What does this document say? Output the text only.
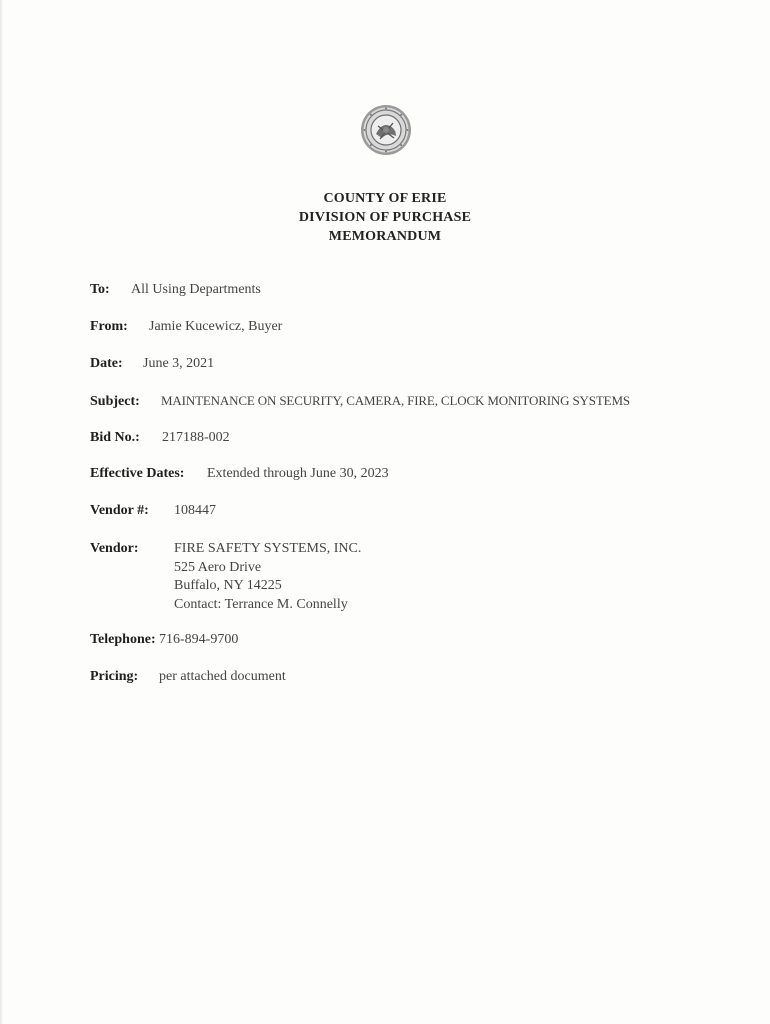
COUNTY OF ERIE
DIVISION OF PURCHASE
MEMORANDUM
To: All Using Departments
From: Jamie Kucewicz, Buyer
Date: June 3, 2021
Subject: MAINTENANCE ON SECURITY, CAMERA, FIRE, CLOCK MONITORING SYSTEMS
Bid No.: 217188-002
Effective Dates: Extended through June 30, 2023
Vendor #: 108447
Vendor:	FIRE SAFETY SYSTEMS, INC.
525 Aero Drive
Buffalo, NY 14225
Contact: Terrance M. Connelly
Telephone: 716-894-9700
Pricing: per attached document
